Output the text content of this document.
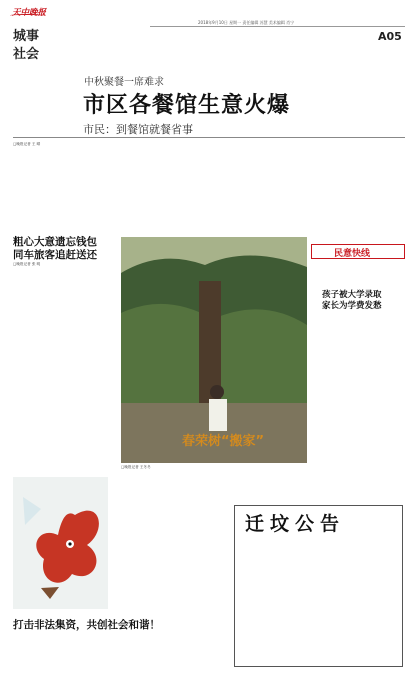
天中晚报
城事
社会
2018年9月10日 星期一 责任编辑 苏慧 美术编辑 肖宁
A05
中秋聚餐一席难求
市区各餐馆生意火爆
市民：到餐馆就餐省事
□晚报记者 王 晴
粗心大意遗忘钱包
同车旅客追赶送还
□晚报记者 张 明
春荣树“搬家”
□晚报记者 王冬冬
民意快线
孩子被大学录取
家长为学费发愁
打击非法集资，共创社会和谐！
迁坟公告
